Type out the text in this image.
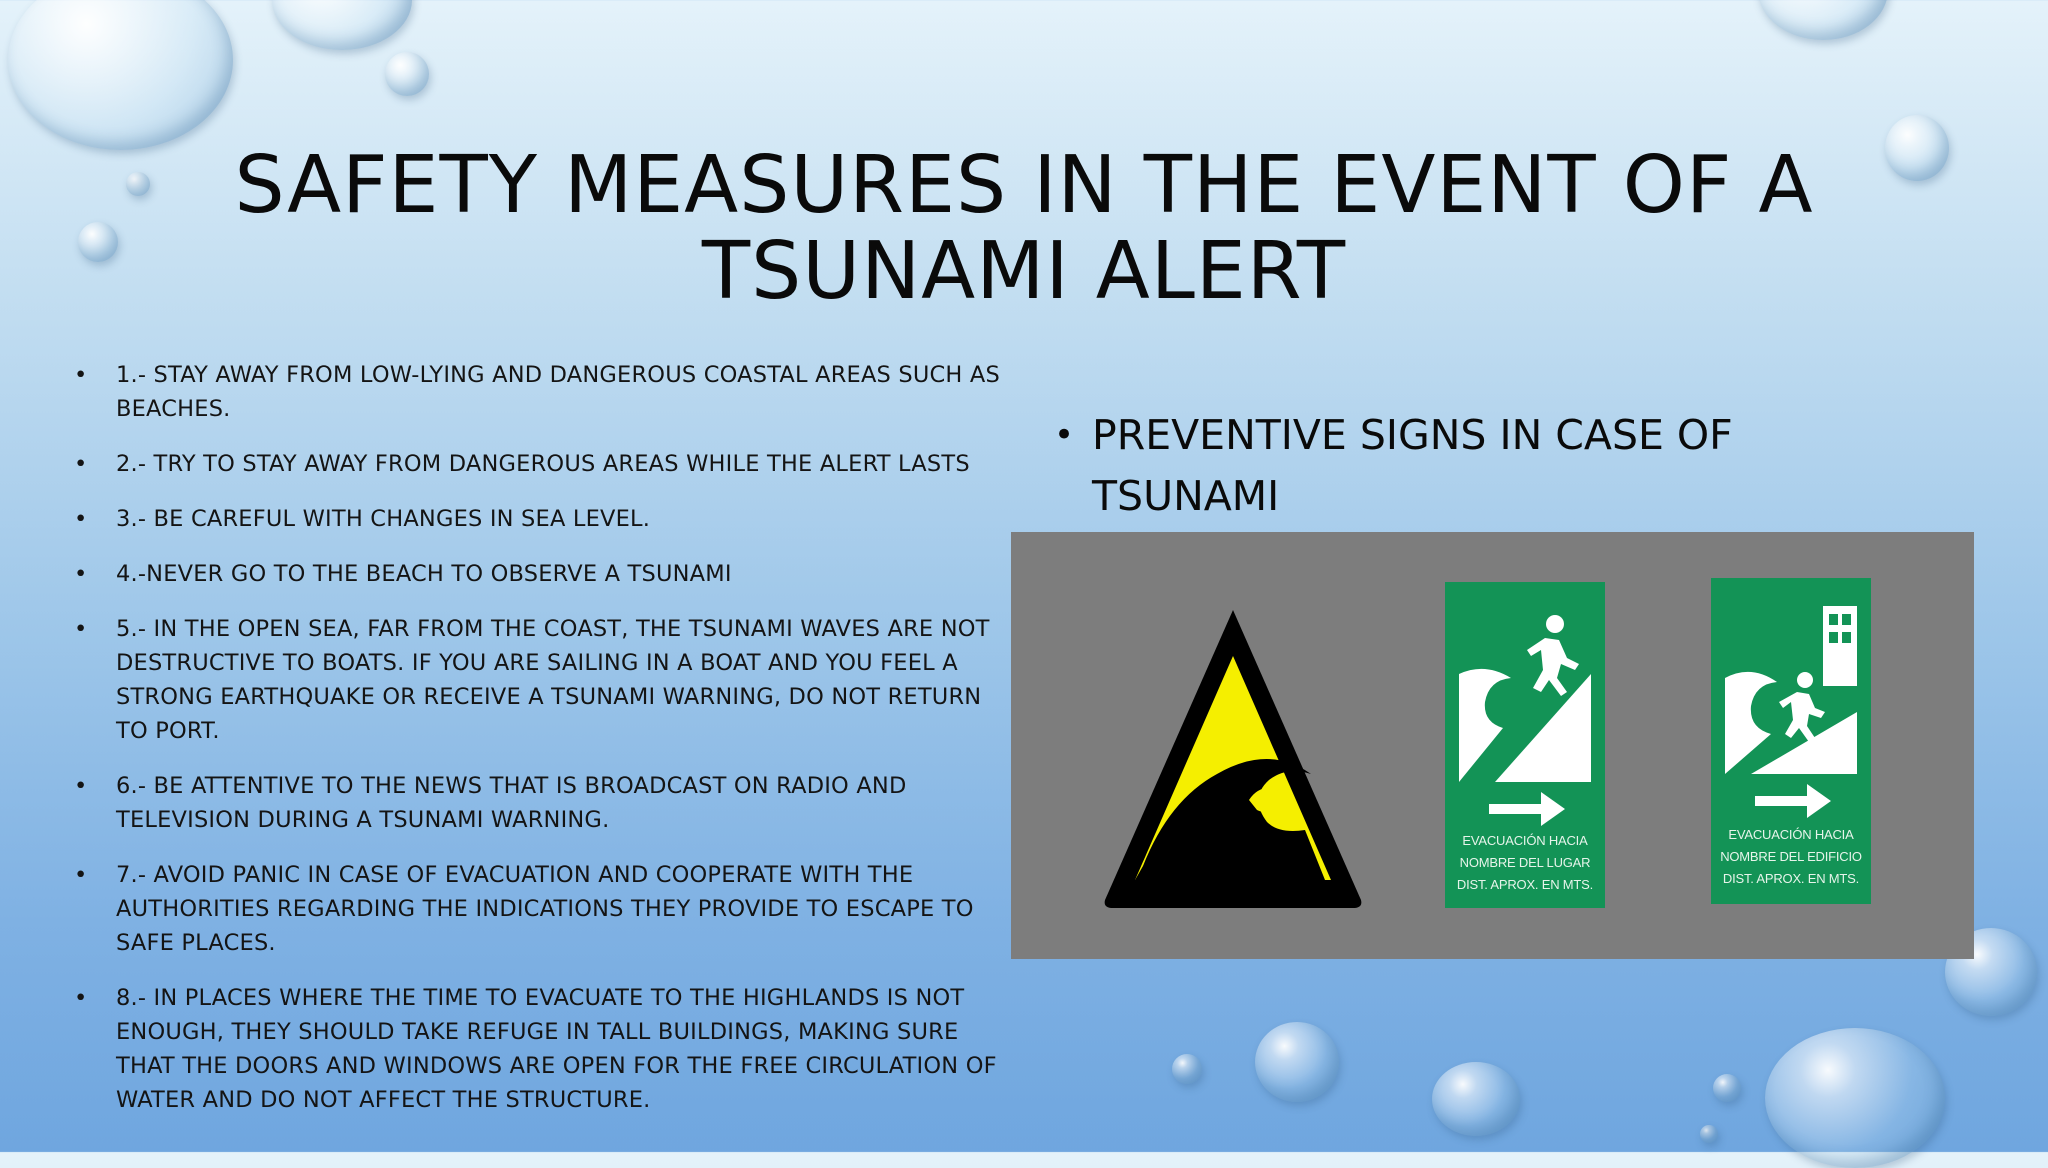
SAFETY MEASURES IN THE EVENT OF A TSUNAMI ALERT
• 1.- STAY AWAY FROM LOW-LYING AND DANGEROUS COASTAL AREAS SUCH AS BEACHES.
• 2.- TRY TO STAY AWAY FROM DANGEROUS AREAS WHILE THE ALERT LASTS
• 3.- BE CAREFUL WITH CHANGES IN SEA LEVEL.
• 4.-NEVER GO TO THE BEACH TO OBSERVE A TSUNAMI
• 5.- IN THE OPEN SEA, FAR FROM THE COAST, THE TSUNAMI WAVES ARE NOT DESTRUCTIVE TO BOATS. IF YOU ARE SAILING IN A BOAT AND YOU FEEL A STRONG EARTHQUAKE OR RECEIVE A TSUNAMI WARNING, DO NOT RETURN TO PORT.
• 6.- BE ATTENTIVE TO THE NEWS THAT IS BROADCAST ON RADIO AND TELEVISION DURING A TSUNAMI WARNING.
• 7.- AVOID PANIC IN CASE OF EVACUATION AND COOPERATE WITH THE AUTHORITIES REGARDING THE INDICATIONS THEY PROVIDE TO ESCAPE TO SAFE PLACES.
• 8.- IN PLACES WHERE THE TIME TO EVACUATE TO THE HIGHLANDS IS NOT ENOUGH, THEY SHOULD TAKE REFUGE IN TALL BUILDINGS, MAKING SURE THAT THE DOORS AND WINDOWS ARE OPEN FOR THE FREE CIRCULATION OF WATER AND DO NOT AFFECT THE STRUCTURE.
• PREVENTIVE SIGNS IN CASE OF TSUNAMI
EVACUACIÓN HACIA
NOMBRE DEL LUGAR
DIST. APROX. EN MTS.
EVACUACIÓN HACIA
NOMBRE DEL EDIFICIO
DIST. APROX. EN MTS.
